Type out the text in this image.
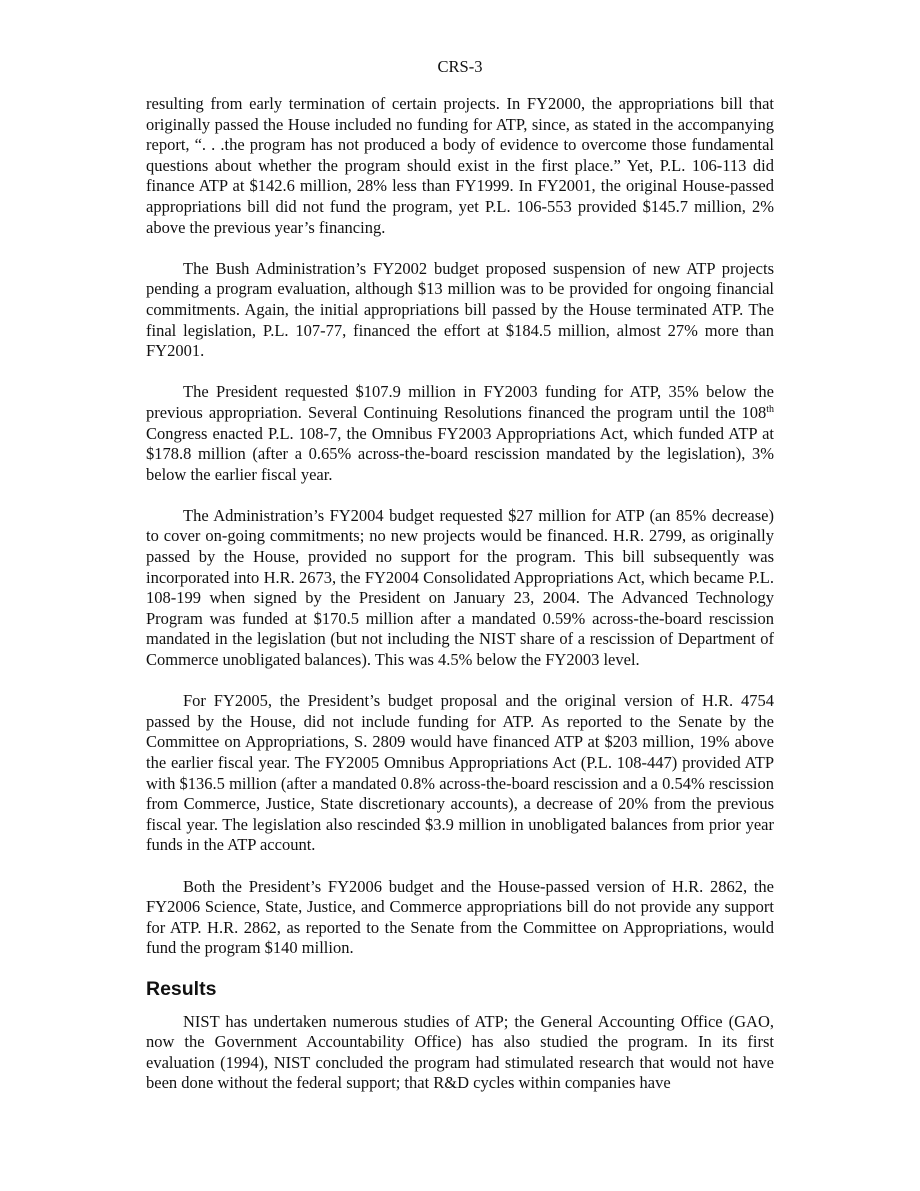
CRS-3

resulting from early termination of certain projects. In FY2000, the appropriations bill that originally passed the House included no funding for ATP, since, as stated in the accompanying report, “. . .the program has not produced a body of evidence to overcome those fundamental questions about whether the program should exist in the first place.” Yet, P.L. 106-113 did finance ATP at $142.6 million, 28% less than FY1999. In FY2001, the original House-passed appropriations bill did not fund the program, yet P.L. 106-553 provided $145.7 million, 2% above the previous year’s financing.

The Bush Administration’s FY2002 budget proposed suspension of new ATP projects pending a program evaluation, although $13 million was to be provided for ongoing financial commitments. Again, the initial appropriations bill passed by the House terminated ATP. The final legislation, P.L. 107-77, financed the effort at $184.5 million, almost 27% more than FY2001.

The President requested $107.9 million in FY2003 funding for ATP, 35% below the previous appropriation. Several Continuing Resolutions financed the program until the 108th Congress enacted P.L. 108-7, the Omnibus FY2003 Appropriations Act, which funded ATP at $178.8 million (after a 0.65% across-the-board rescission mandated by the legislation), 3% below the earlier fiscal year.

The Administration’s FY2004 budget requested $27 million for ATP (an 85% decrease) to cover on-going commitments; no new projects would be financed. H.R. 2799, as originally passed by the House, provided no support for the program. This bill subsequently was incorporated into H.R. 2673, the FY2004 Consolidated Appropriations Act, which became P.L. 108-199 when signed by the President on January 23, 2004. The Advanced Technology Program was funded at $170.5 million after a mandated 0.59% across-the-board rescission mandated in the legislation (but not including the NIST share of a rescission of Department of Commerce unobligated balances). This was 4.5% below the FY2003 level.

For FY2005, the President’s budget proposal and the original version of H.R. 4754 passed by the House, did not include funding for ATP. As reported to the Senate by the Committee on Appropriations, S. 2809 would have financed ATP at $203 million, 19% above the earlier fiscal year. The FY2005 Omnibus Appropriations Act (P.L. 108-447) provided ATP with $136.5 million (after a mandated 0.8% across-the-board rescission and a 0.54% rescission from Commerce, Justice, State discretionary accounts), a decrease of 20% from the previous fiscal year. The legislation also rescinded $3.9 million in unobligated balances from prior year funds in the ATP account.

Both the President’s FY2006 budget and the House-passed version of H.R. 2862, the FY2006 Science, State, Justice, and Commerce appropriations bill do not provide any support for ATP. H.R. 2862, as reported to the Senate from the Committee on Appropriations, would fund the program $140 million.

Results

NIST has undertaken numerous studies of ATP; the General Accounting Office (GAO, now the Government Accountability Office) has also studied the program. In its first evaluation (1994), NIST concluded the program had stimulated research that would not have been done without the federal support; that R&D cycles within companies have
